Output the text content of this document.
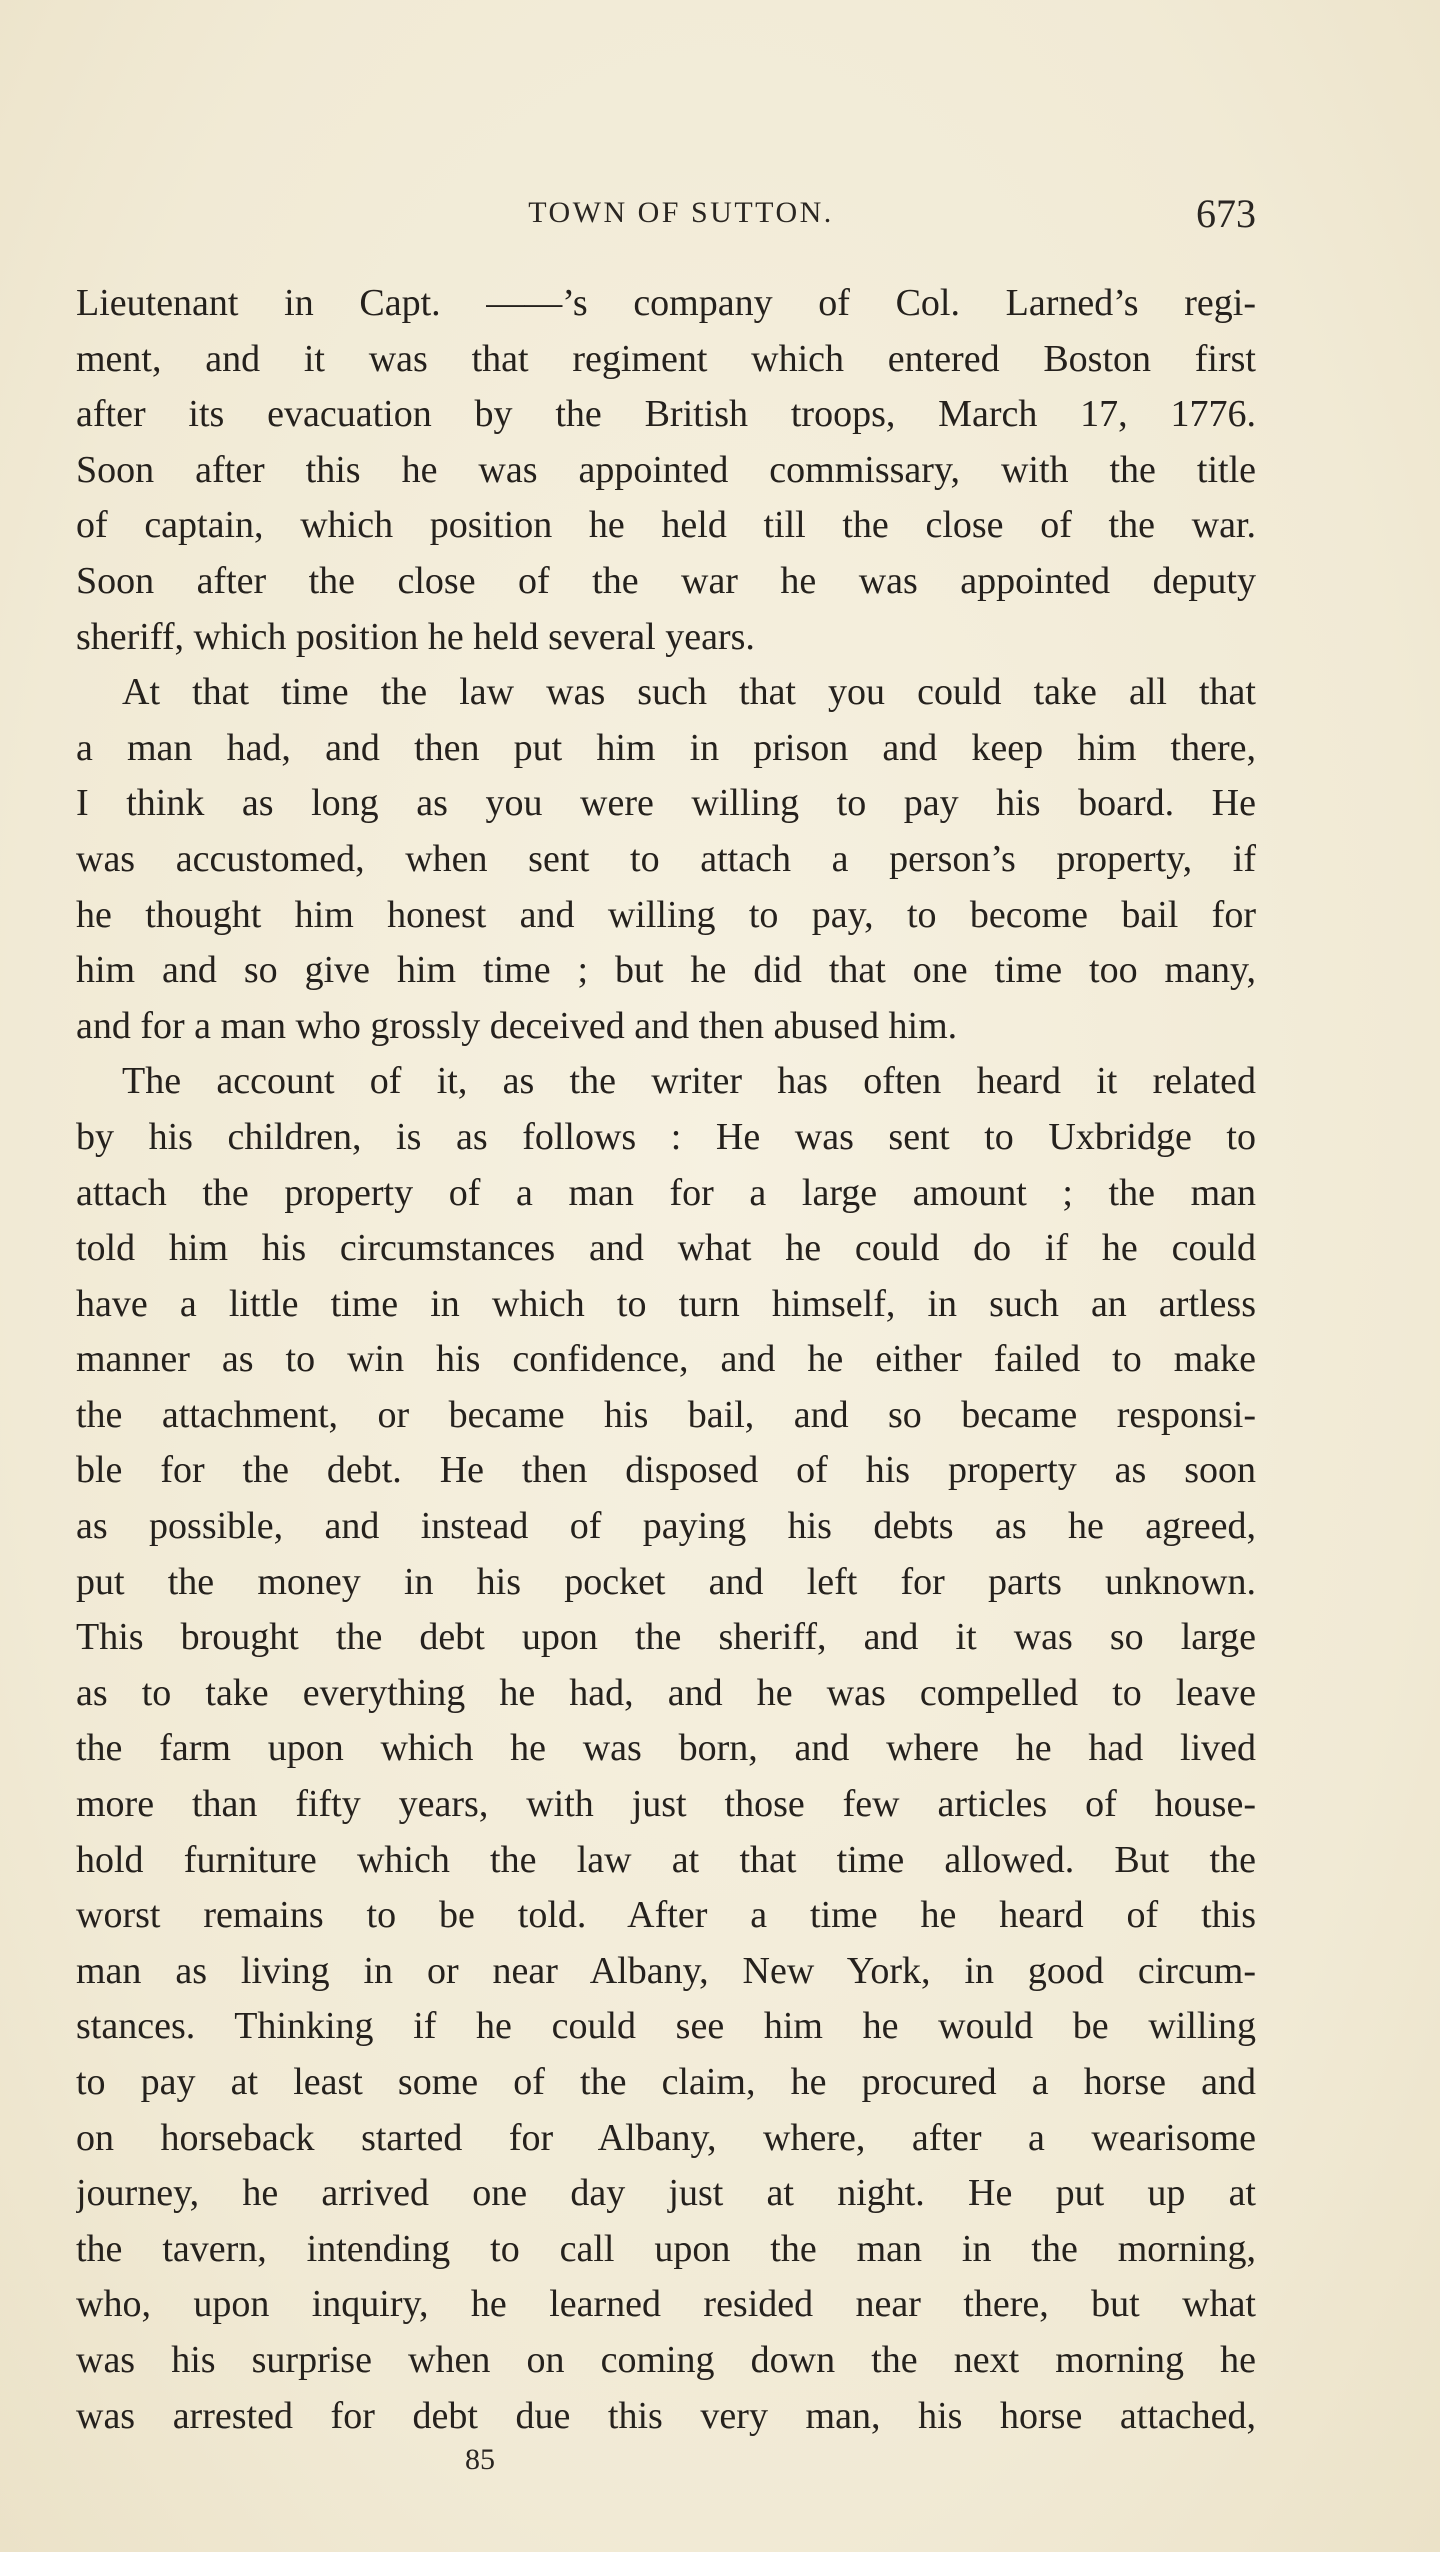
TOWN OF SUTTON.	673
Lieutenant in Capt. ——’s company of Col. Larned’s regi-
ment, and it was that regiment which entered Boston first
after its evacuation by the British troops, March 17, 1776.
Soon after this he was appointed commissary, with the title
of captain, which position he held till the close of the war.
Soon after the close of the war he was appointed deputy
sheriff, which position he held several years.
At that time the law was such that you could take all that
a man had, and then put him in prison and keep him there,
I think as long as you were willing to pay his board. He
was accustomed, when sent to attach a person’s property, if
he thought him honest and willing to pay, to become bail for
him and so give him time ; but he did that one time too many,
and for a man who grossly deceived and then abused him.
The account of it, as the writer has often heard it related
by his children, is as follows : He was sent to Uxbridge to
attach the property of a man for a large amount ; the man
told him his circumstances and what he could do if he could
have a little time in which to turn himself, in such an artless
manner as to win his confidence, and he either failed to make
the attachment, or became his bail, and so became responsi-
ble for the debt. He then disposed of his property as soon
as possible, and instead of paying his debts as he agreed,
put the money in his pocket and left for parts unknown.
This brought the debt upon the sheriff, and it was so large
as to take everything he had, and he was compelled to leave
the farm upon which he was born, and where he had lived
more than fifty years, with just those few articles of house-
hold furniture which the law at that time allowed. But the
worst remains to be told. After a time he heard of this
man as living in or near Albany, New York, in good circum-
stances. Thinking if he could see him he would be willing
to pay at least some of the claim, he procured a horse and
on horseback started for Albany, where, after a wearisome
journey, he arrived one day just at night. He put up at
the tavern, intending to call upon the man in the morning,
who, upon inquiry, he learned resided near there, but what
was his surprise when on coming down the next morning he
was arrested for debt due this very man, his horse attached,
85
